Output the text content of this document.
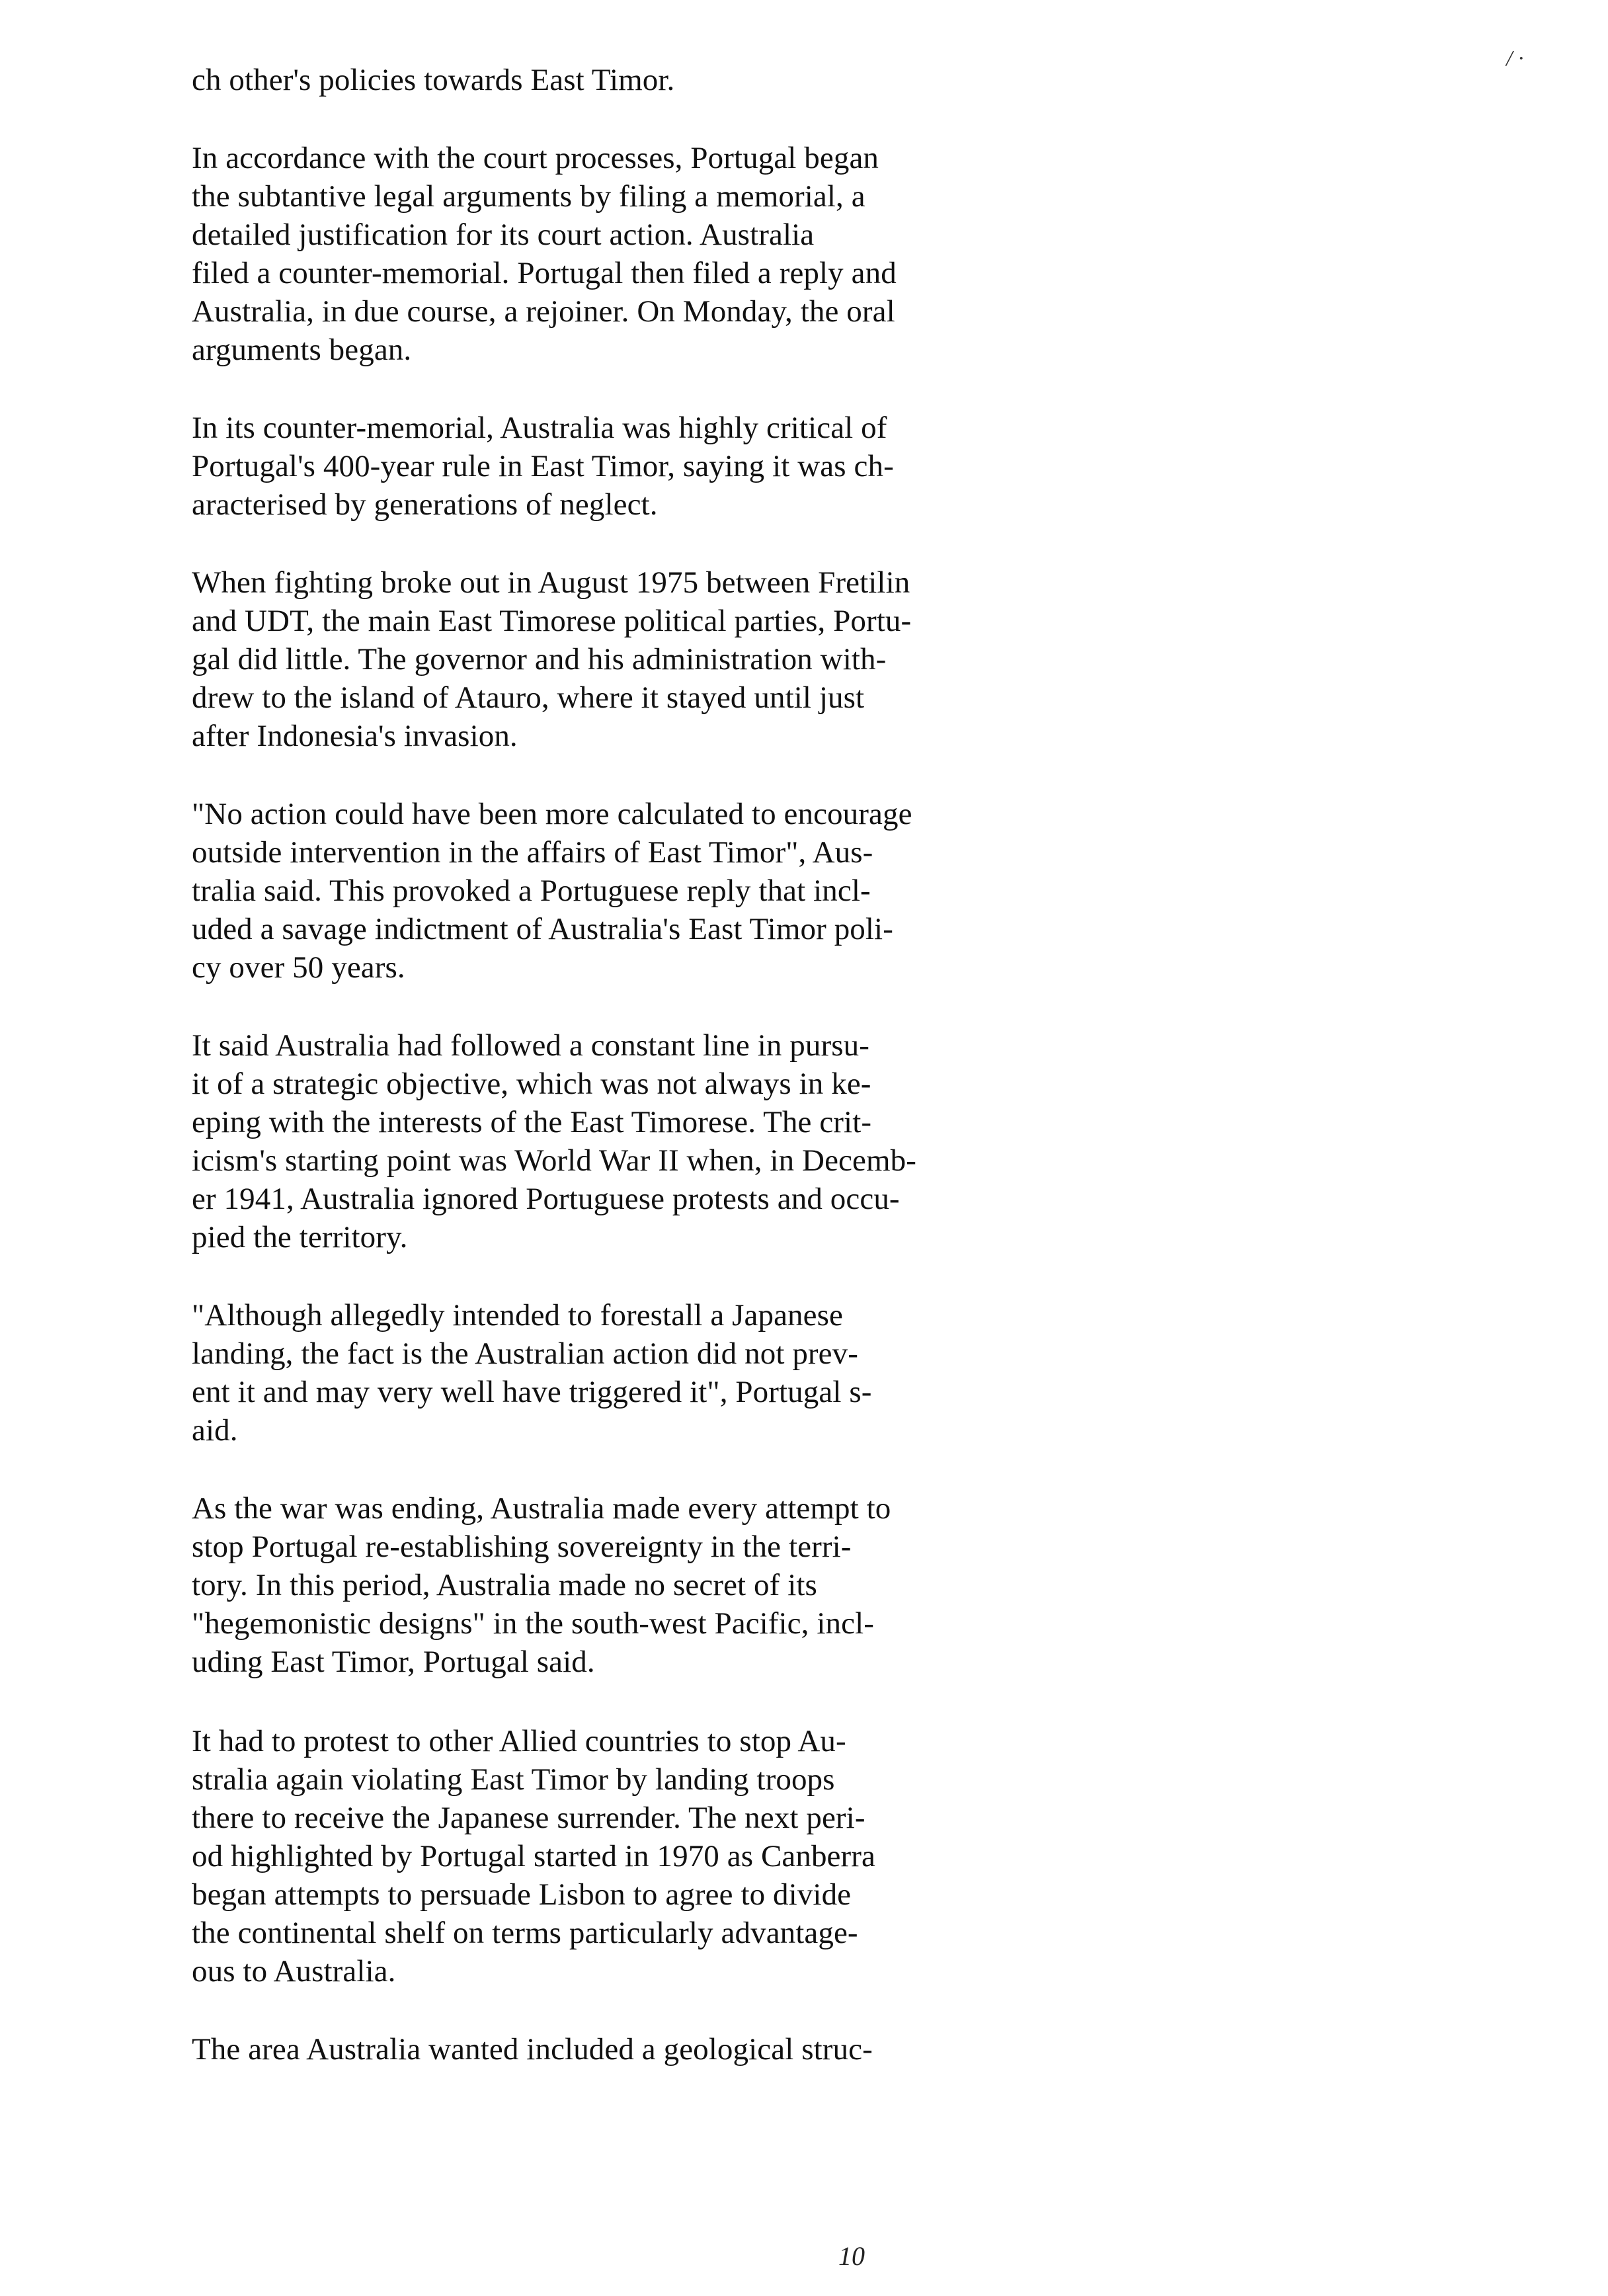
/ ·

ch other's policies towards East Timor.

In accordance with the court processes, Portugal began
the subtantive legal arguments by filing a memorial, a
detailed justification for its court action. Australia
filed a counter-memorial. Portugal then filed a reply and
Australia, in due course, a rejoiner. On Monday, the oral
arguments began.

In its counter-memorial, Australia was highly critical of
Portugal's 400-year rule in East Timor, saying it was ch-
aracterised by generations of neglect.

When fighting broke out in August 1975 between Fretilin
and UDT, the main East Timorese political parties, Portu-
gal did little. The governor and his administration with-
drew to the island of Atauro, where it stayed until just
after Indonesia's invasion.

"No action could have been more calculated to encourage
outside intervention in the affairs of East Timor", Aus-
tralia said. This provoked a Portuguese reply that incl-
uded a savage indictment of Australia's East Timor poli-
cy over 50 years.

It said Australia had followed a constant line in pursu-
it of a strategic objective, which was not always in ke-
eping with the interests of the East Timorese. The crit-
icism's starting point was World War II when, in Decemb-
er 1941, Australia ignored Portuguese protests and occu-
pied the territory.

"Although allegedly intended to forestall a Japanese
landing, the fact is the Australian action did not prev-
ent it and may very well have triggered it", Portugal s-
aid.

As the war was ending, Australia made every attempt to
stop Portugal re-establishing sovereignty in the terri-
tory. In this period, Australia made no secret of its
"hegemonistic designs" in the south-west Pacific, incl-
uding East Timor, Portugal said.

It had to protest to other Allied countries to stop Au-
stralia again violating East Timor by landing troops
there to receive the Japanese surrender. The next peri-
od highlighted by Portugal started in 1970 as Canberra
began attempts to persuade Lisbon to agree to divide
the continental shelf on terms particularly advantage-
ous to Australia.

The area Australia wanted included a geological struc-

10
